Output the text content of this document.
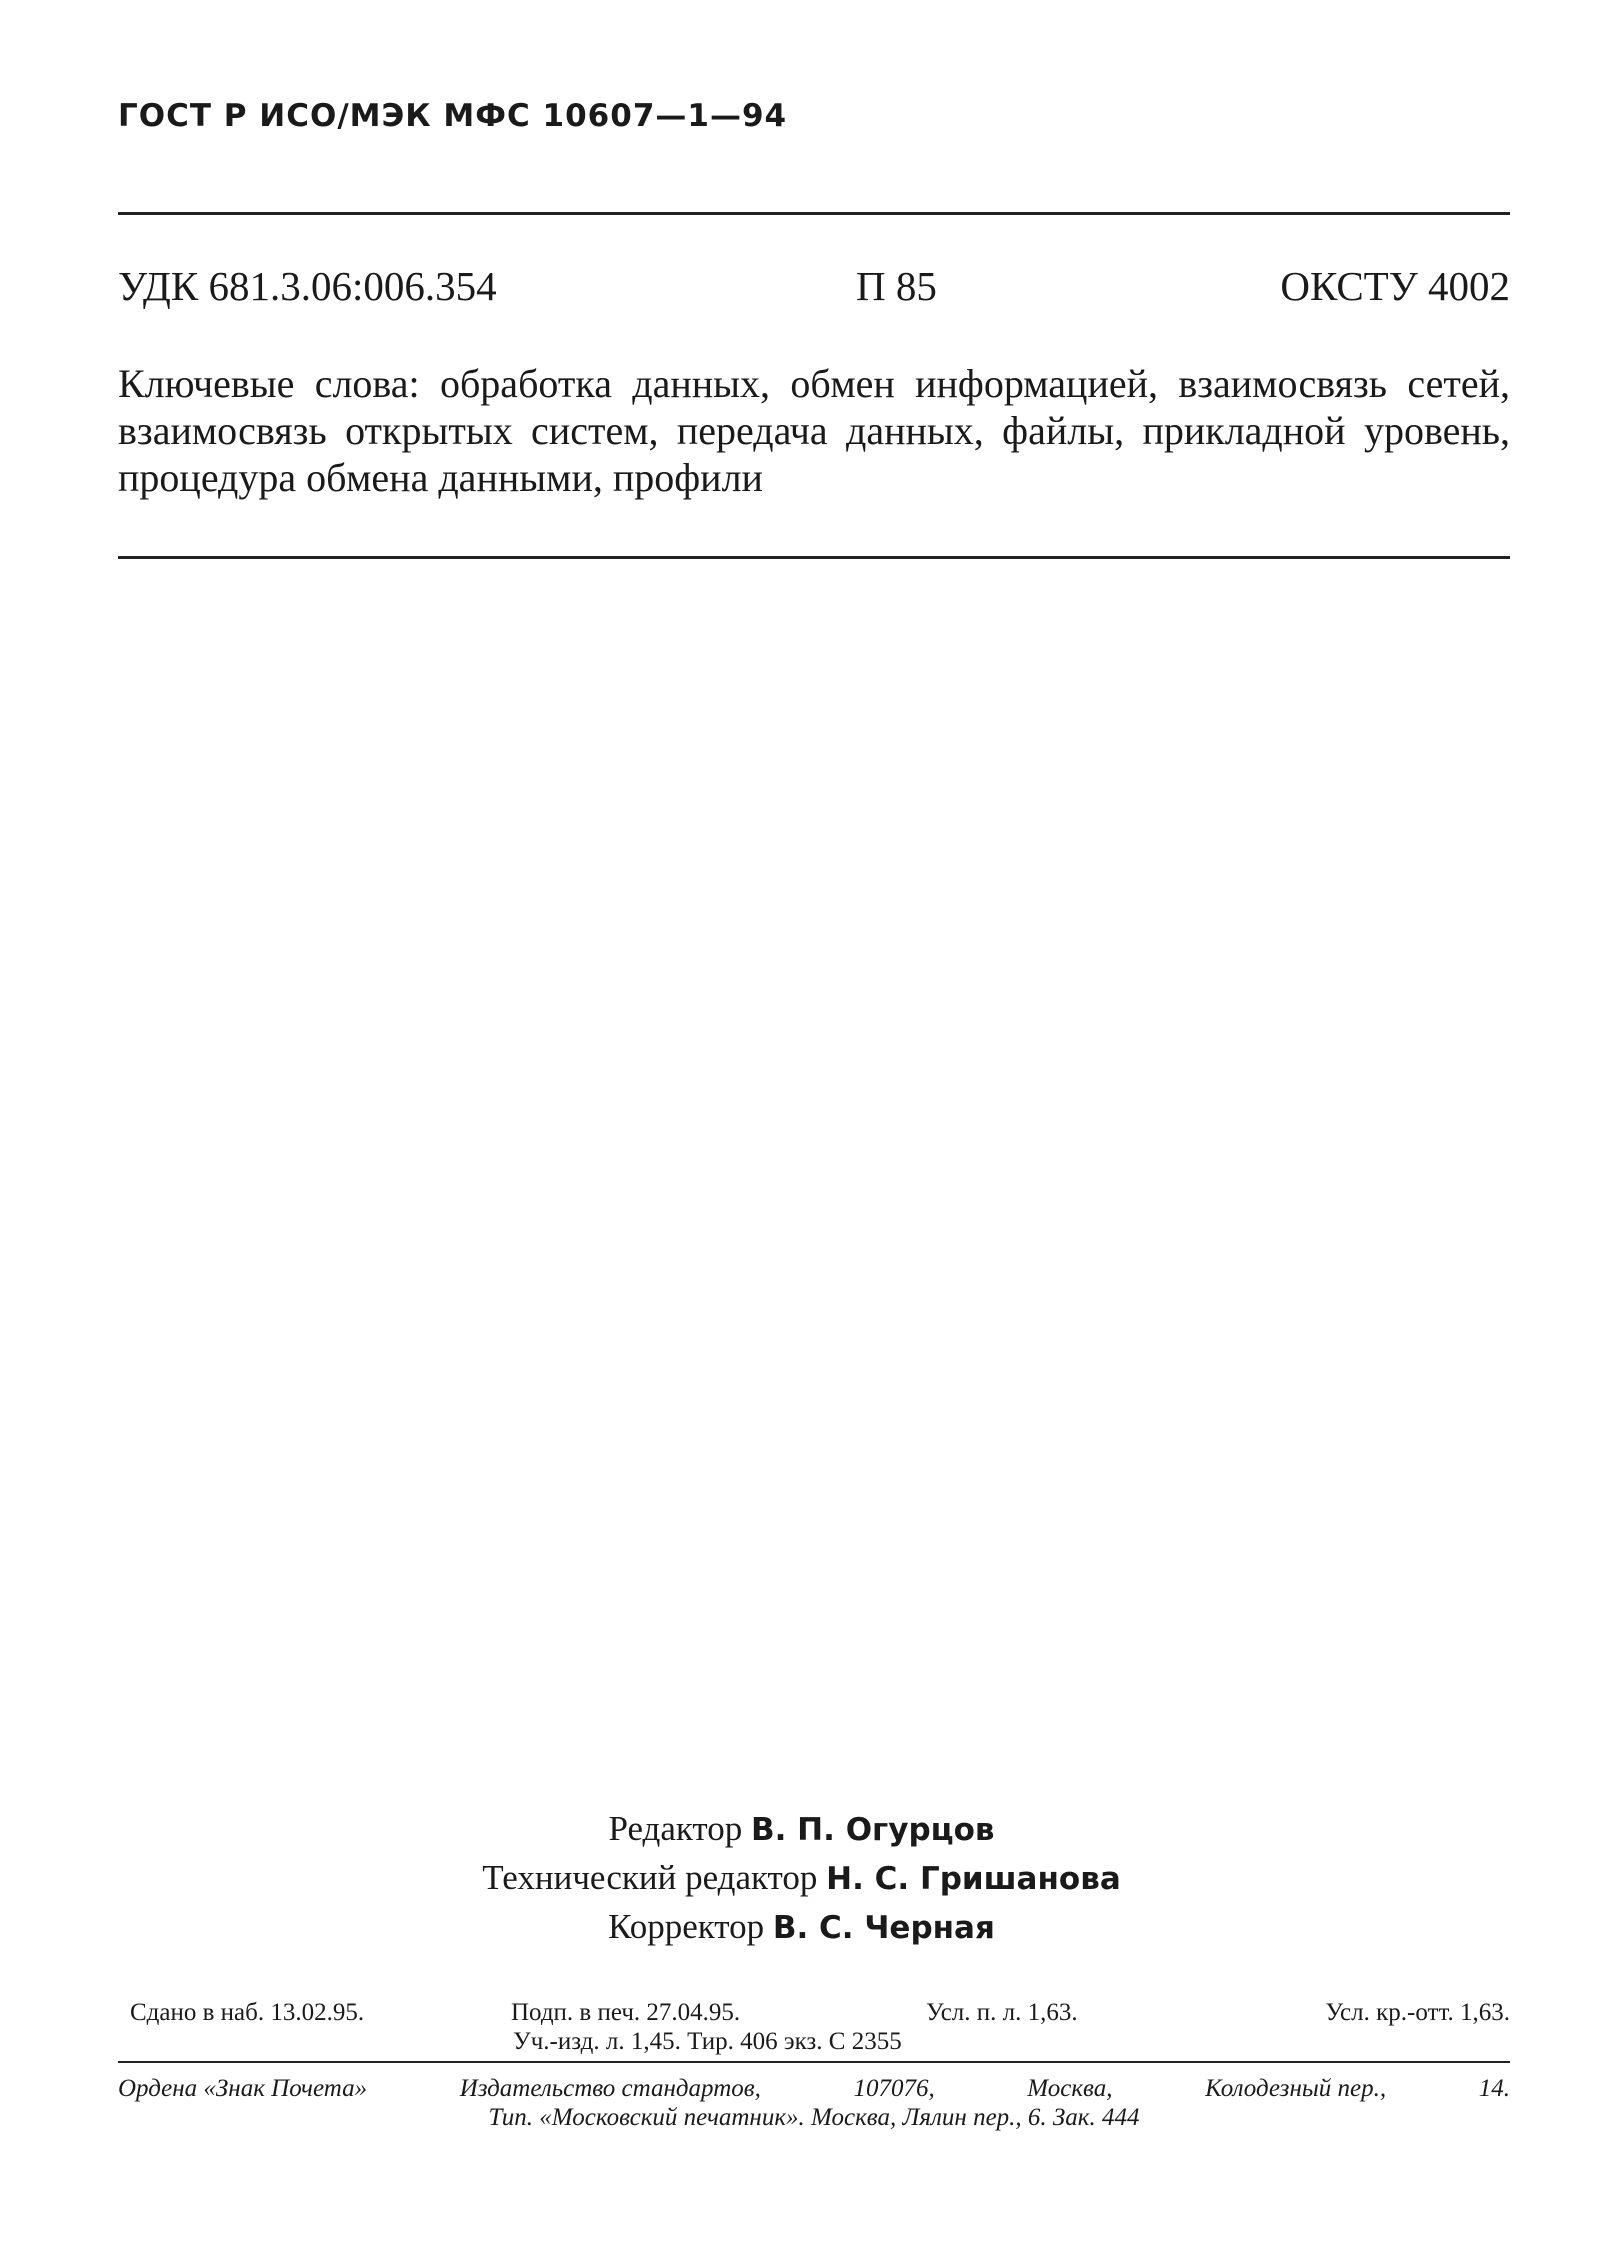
ГОСТ Р ИСО/МЭК МФС 10607—1—94
УДК 681.3.06:006.354	П 85	ОКСТУ 4002
Ключевые слова: обработка данных, обмен информацией, взаимосвязь сетей, взаимосвязь открытых систем, передача данных, файлы, прикладной уровень, процедура обмена данными, профили
Редактор В. П. Огурцов
Технический редактор Н. С. Гришанова
Корректор В. С. Черная
Сдано в наб. 13.02.95.	Подп. в печ. 27.04.95.	Усл. п. л. 1,63.	Усл. кр.-отт. 1,63.
Уч.-изд. л. 1,45. Тир. 406 экз. С 2355
Ордена «Знак Почета»	Издательство стандартов,	107076,	Москва,	Колодезный пер.,	14.
Тип. «Московский печатник». Москва, Лялин пер., 6. Зак. 444
